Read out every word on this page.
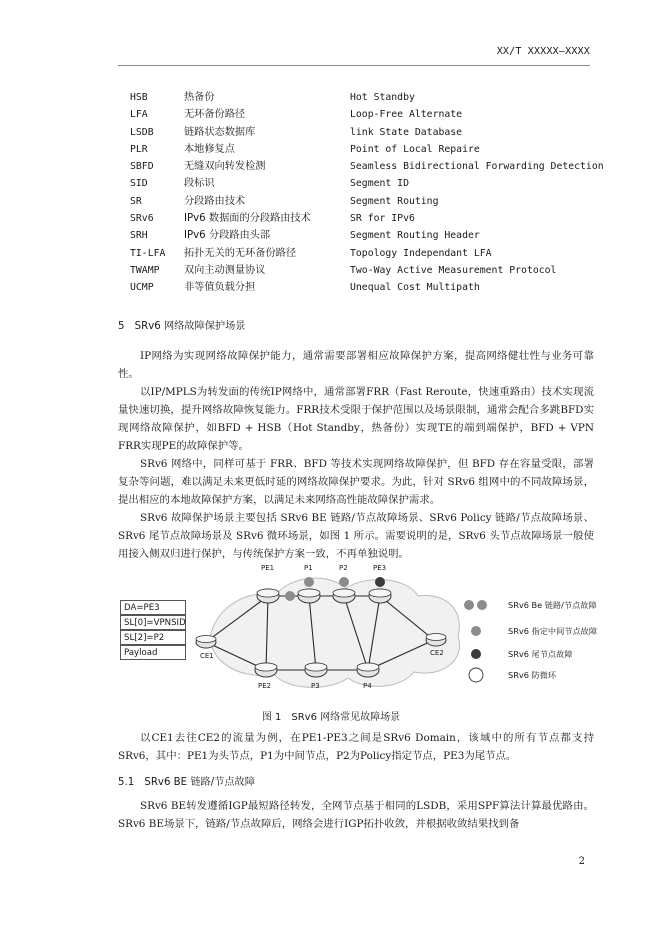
XX/T XXXXX—XXXX
HSB	热备份	Hot Standby
LFA	无环备份路径	Loop-Free Alternate
LSDB	链路状态数据库	link State Database
PLR	本地修复点	Point of Local Repaire
SBFD	无缝双向转发检测	Seamless Bidirectional Forwarding Detection
SID	段标识	Segment ID
SR	分段路由技术	Segment Routing
SRv6	IPv6 数据面的分段路由技术	SR for IPv6
SRH	IPv6 分段路由头部	Segment Routing Header
TI-LFA 拓扑无关的无环备份路径	Topology Independant LFA
TWAMP 双向主动测量协议	Two-Way Active Measurement Protocol
UCMP	非等值负载分担	Unequal Cost Multipath
5　SRv6 网络故障保护场景

IP网络为实现网络故障保护能力，通常需要部署相应故障保护方案，提高网络健壮性与业务可靠性。

以IP/MPLS为转发面的传统IP网络中，通常部署FRR（Fast Reroute，快速重路由）技术实现流量快速切换，提升网络故障恢复能力。FRR技术受限于保护范围以及场景限制，通常会配合多跳BFD实现网络故障保护，如BFD + HSB（Hot Standby，热备份）实现TE的端到端保护，BFD + VPN FRR实现PE的故障保护等。

SRv6 网络中，同样可基于 FRR、BFD 等技术实现网络故障保护，但 BFD 存在容量受限，部署复杂等问题，难以满足未来更低时延的网络故障保护要求。为此，针对 SRv6 组网中的不同故障场景，提出相应的本地故障保护方案，以满足未来网络高性能故障保护需求。

SRv6 故障保护场景主要包括 SRv6 BE 链路/节点故障场景、SRv6 Policy 链路/节点故障场景、SRv6 尾节点故障场景及 SRv6 微环场景，如图 1 所示。需要说明的是，SRv6 头节点故障场景一般使用接入侧双归进行保护，与传统保护方案一致，不再单独说明。

DA=PE3
SL[0]=VPNSID
SL[2]=P2
Payload
PE1	P1	P2	PE3
CE1	CE2
PE2	P3	P4
SRv6 Be 链路/节点故障
SRv6 指定中间节点故障
SRv6 尾节点故障
SRv6 防微环
图 1　SRv6 网络常见故障场景

以CE1去往CE2的流量为例，在PE1-PE3之间是SRv6 Domain，该域中的所有节点都支持SRv6，其中：PE1为头节点，P1为中间节点，P2为Policy指定节点，PE3为尾节点。

5.1　SRv6 BE 链路/节点故障

SRv6 BE转发遵循IGP最短路径转发，全网节点基于相同的LSDB，采用SPF算法计算最优路由。SRv6 BE场景下，链路/节点故障后，网络会进行IGP拓扑收敛，并根据收敛结果找到备

2
